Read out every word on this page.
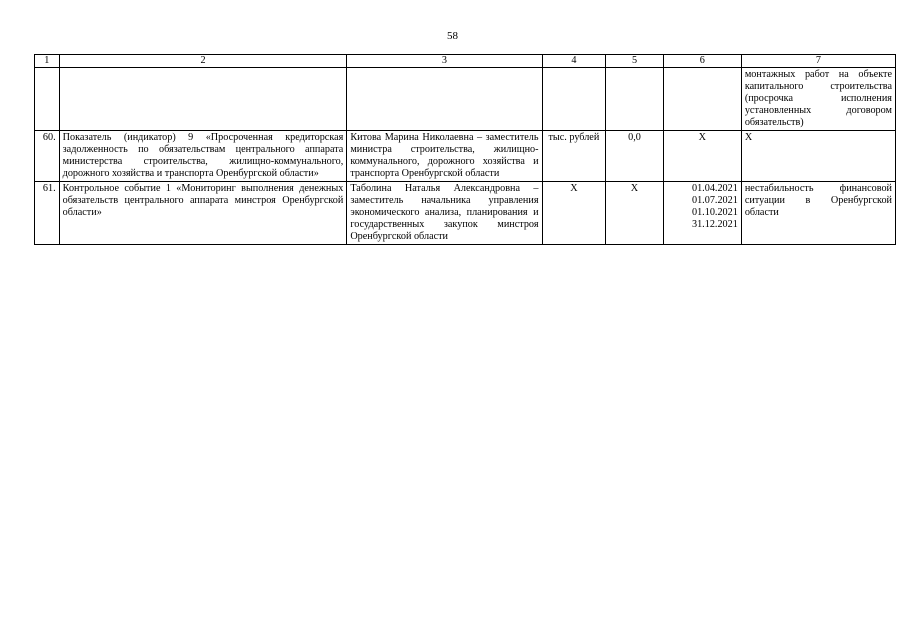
58
1	2	3	4	5	6	7
						монтажных работ на объекте капитального строительства (просрочка исполнения установленных договором обязательств)
60.	Показатель (индикатор) 9 «Просроченная кредиторская задолженность по обязательствам центрального аппарата министерства строительства, жилищно-коммунального, дорожного хозяйства и транспорта Оренбургской области»	Китова Марина Николаевна – заместитель министра строительства, жилищно-коммунального, дорожного хозяйства и транспорта Оренбургской области	тыс. рублей	0,0	X	X
61.	Контрольное событие 1 «Мониторинг выполнения денежных обязательств центрального аппарата минстроя Оренбургской области»	Таболина Наталья Александровна – заместитель начальника управления экономического анализа, планирования и государственных закупок минстроя Оренбургской области	X	X	01.04.2021 01.07.2021 01.10.2021 31.12.2021	нестабильность финансовой ситуации в Оренбургской области
